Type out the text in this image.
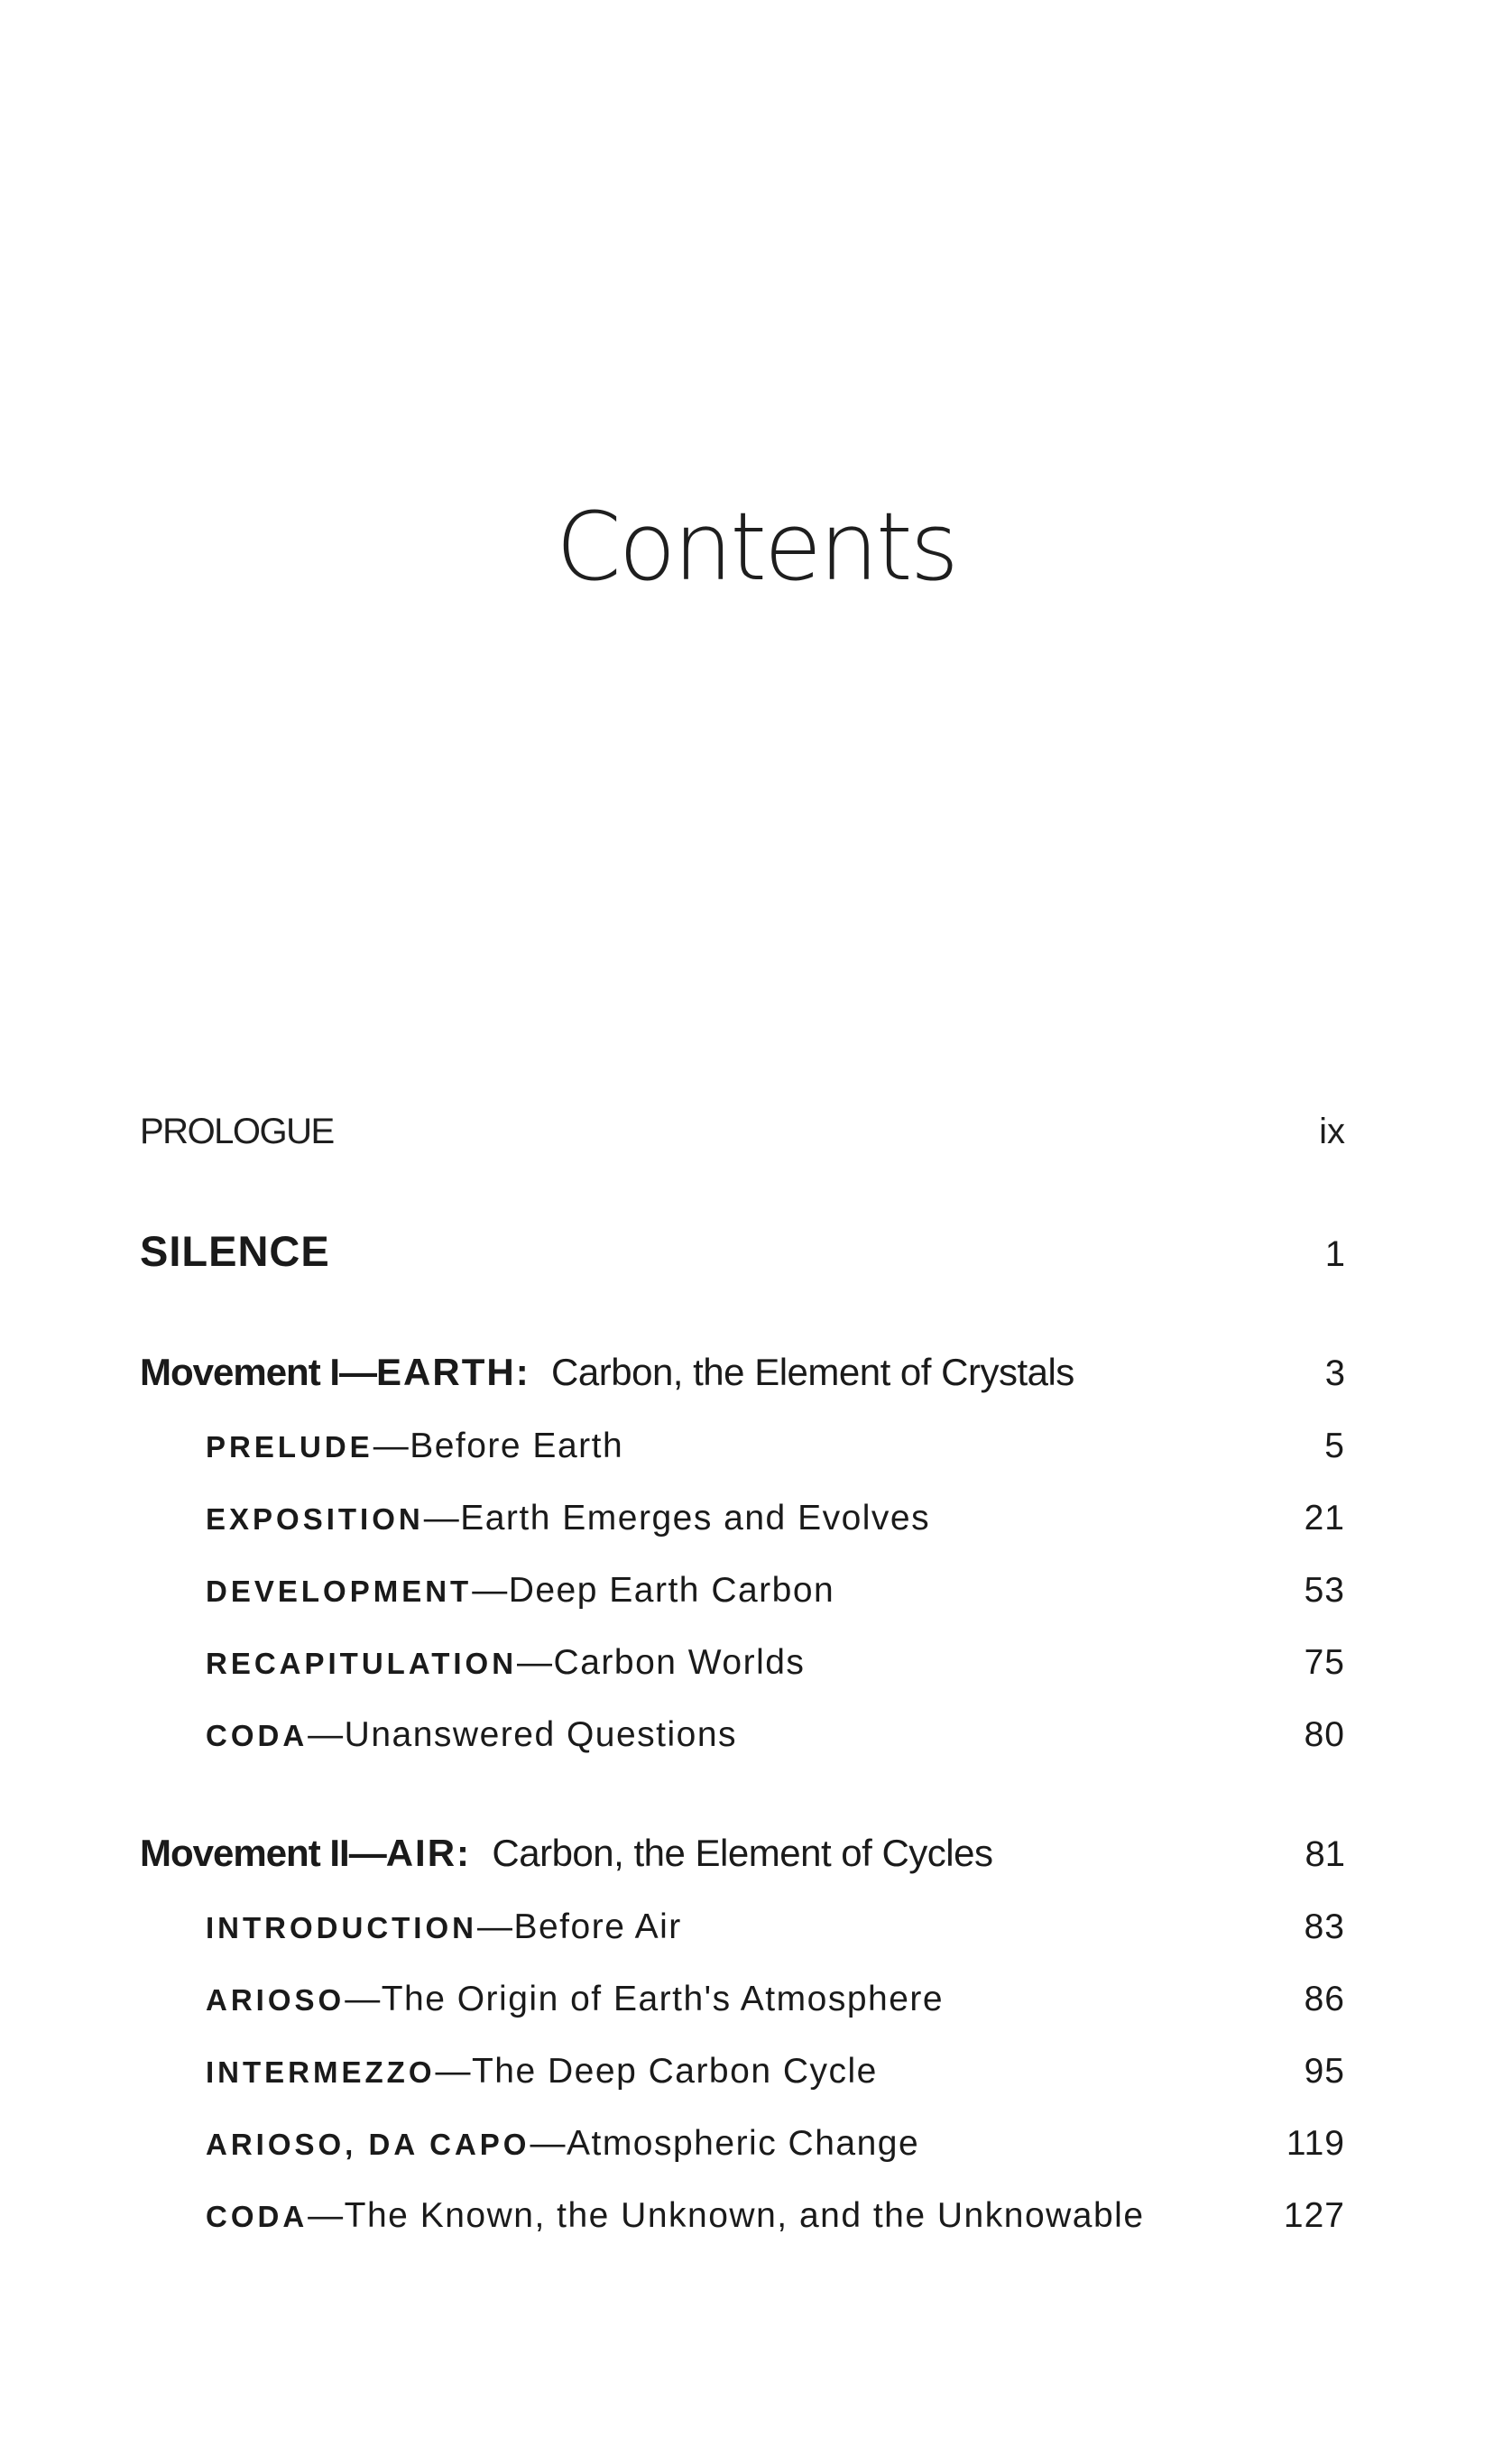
Contents
PROLOGUE	ix
SILENCE	1
Movement I—EARTH: Carbon, the Element of Crystals	3
PRELUDE—Before Earth	5
EXPOSITION—Earth Emerges and Evolves	21
DEVELOPMENT—Deep Earth Carbon	53
RECAPITULATION—Carbon Worlds	75
CODA—Unanswered Questions	80
Movement II—AIR: Carbon, the Element of Cycles	81
INTRODUCTION—Before Air	83
ARIOSO—The Origin of Earth's Atmosphere	86
INTERMEZZO—The Deep Carbon Cycle	95
ARIOSO, DA CAPO—Atmospheric Change	119
CODA—The Known, the Unknown, and the Unknowable	127
